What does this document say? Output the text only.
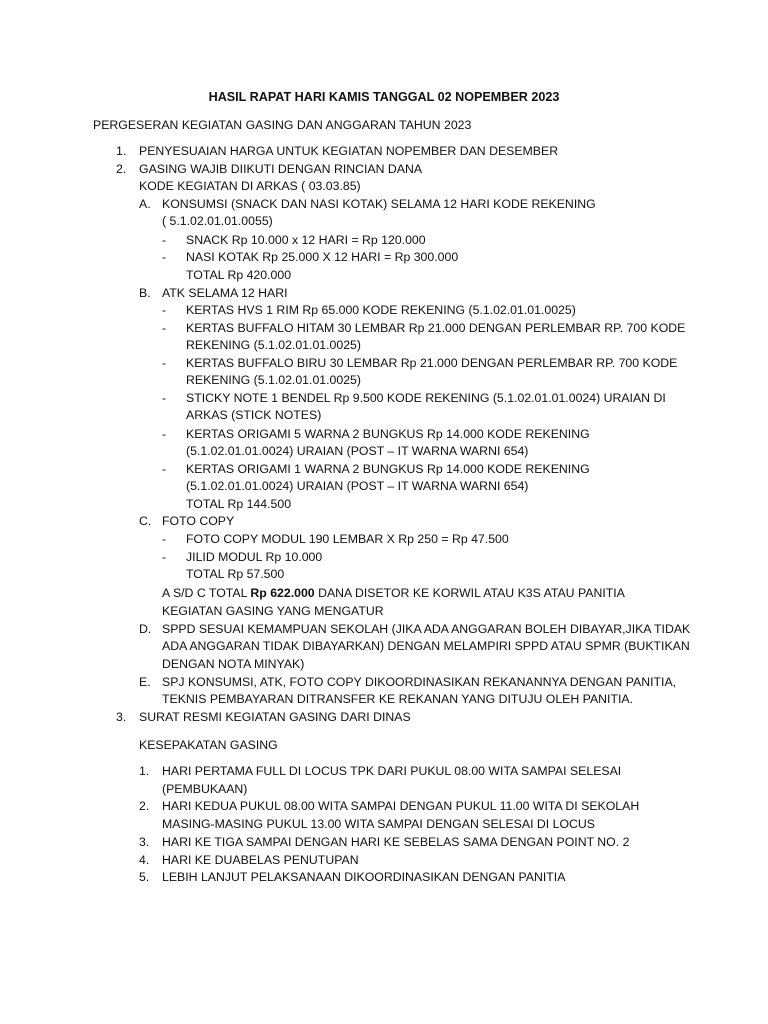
HASIL RAPAT HARI KAMIS TANGGAL 02 NOPEMBER 2023
PERGESERAN KEGIATAN GASING DAN ANGGARAN TAHUN 2023
1. PENYESUAIAN HARGA UNTUK KEGIATAN NOPEMBER DAN DESEMBER
2. GASING WAJIB DIIKUTI DENGAN RINCIAN DANA
KODE KEGIATAN DI ARKAS ( 03.03.85)
A. KONSUMSI (SNACK DAN NASI KOTAK) SELAMA 12 HARI KODE REKENING
( 5.1.02.01.01.0055)
- SNACK Rp 10.000 x 12 HARI = Rp 120.000
- NASI KOTAK Rp 25.000 X 12 HARI = Rp 300.000
TOTAL Rp 420.000
B. ATK SELAMA 12 HARI
- KERTAS HVS 1 RIM Rp 65.000 KODE REKENING (5.1.02.01.01.0025)
- KERTAS BUFFALO HITAM 30 LEMBAR Rp 21.000 DENGAN PERLEMBAR RP. 700 KODE
REKENING (5.1.02.01.01.0025)
- KERTAS BUFFALO BIRU 30 LEMBAR Rp 21.000 DENGAN PERLEMBAR RP. 700 KODE
REKENING (5.1.02.01.01.0025)
- STICKY NOTE 1 BENDEL Rp 9.500 KODE REKENING (5.1.02.01.01.0024) URAIAN DI
ARKAS (STICK NOTES)
- KERTAS ORIGAMI 5 WARNA 2 BUNGKUS Rp 14.000 KODE REKENING
(5.1.02.01.01.0024) URAIAN (POST – IT WARNA WARNI 654)
- KERTAS ORIGAMI 1 WARNA 2 BUNGKUS Rp 14.000 KODE REKENING
(5.1.02.01.01.0024) URAIAN (POST – IT WARNA WARNI 654)
TOTAL Rp 144.500
C. FOTO COPY
- FOTO COPY MODUL 190 LEMBAR X Rp 250 = Rp 47.500
- JILID MODUL Rp 10.000
TOTAL Rp 57.500
A S/D C TOTAL Rp 622.000 DANA DISETOR KE KORWIL ATAU K3S ATAU PANITIA
KEGIATAN GASING YANG MENGATUR
D. SPPD SESUAI KEMAMPUAN SEKOLAH (JIKA ADA ANGGARAN BOLEH DIBAYAR,JIKA TIDAK
ADA ANGGARAN TIDAK DIBAYARKAN) DENGAN MELAMPIRI SPPD ATAU SPMR (BUKTIKAN
DENGAN NOTA MINYAK)
E. SPJ KONSUMSI, ATK, FOTO COPY DIKOORDINASIKAN REKANANNYA DENGAN PANITIA,
TEKNIS PEMBAYARAN DITRANSFER KE REKANAN YANG DITUJU OLEH PANITIA.
3. SURAT RESMI KEGIATAN GASING DARI DINAS
KESEPAKATAN GASING
1. HARI PERTAMA FULL DI LOCUS TPK DARI PUKUL 08.00 WITA SAMPAI SELESAI
(PEMBUKAAN)
2. HARI KEDUA PUKUL 08.00 WITA SAMPAI DENGAN PUKUL 11.00 WITA DI SEKOLAH
MASING-MASING PUKUL 13.00 WITA SAMPAI DENGAN SELESAI DI LOCUS
3. HARI KE TIGA SAMPAI DENGAN HARI KE SEBELAS SAMA DENGAN POINT NO. 2
4. HARI KE DUABELAS PENUTUPAN
5. LEBIH LANJUT PELAKSANAAN DIKOORDINASIKAN DENGAN PANITIA
